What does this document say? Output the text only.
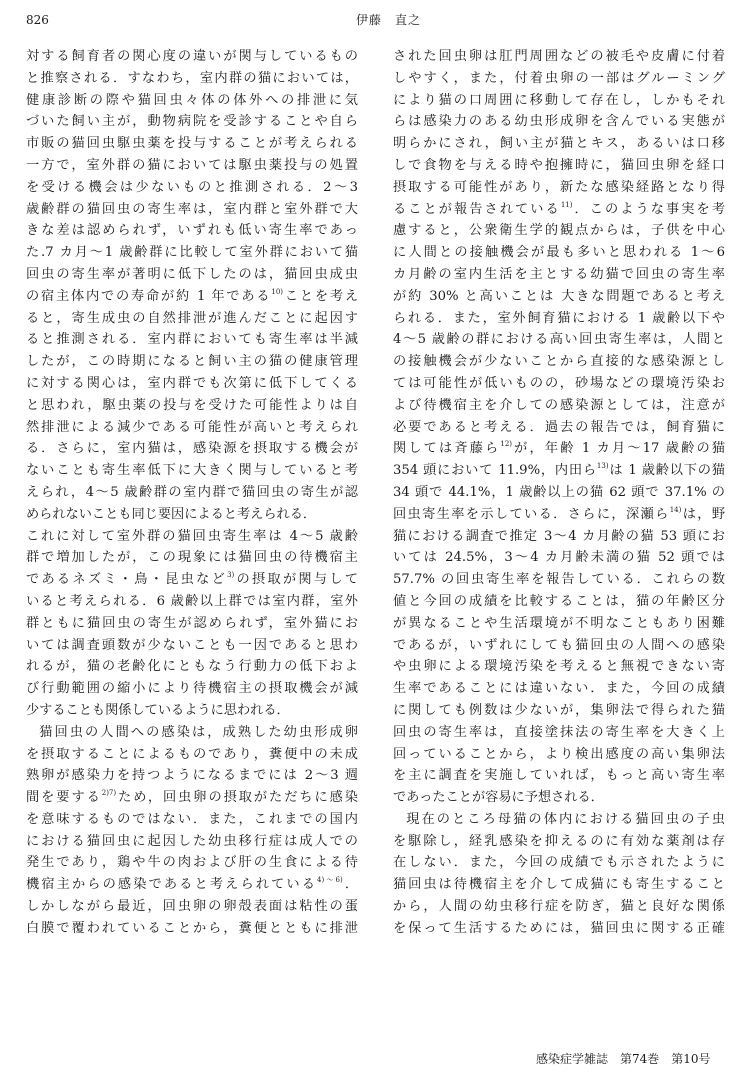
826	伊藤　直之
対する飼育者の関心度の違いが関与しているもの
と推察される．すなわち，室内群の猫においては，
健康診断の際や猫回虫々体の体外への排泄に気
づいた飼い主が，動物病院を受診することや自ら
市販の猫回虫駆虫薬を投与することが考えられる
一方で，室外群の猫においては駆虫薬投与の処置
を受ける機会は少ないものと推測される．2～3
歳齢群の猫回虫の寄生率は，室内群と室外群で大
きな差は認められず，いずれも低い寄生率であっ
た.7 カ月～1 歳齢群に比較して室外群において猫
回虫の寄生率が著明に低下したのは，猫回虫成虫
の宿主体内での寿命が約 1 年である$^{10)}$ことを考え
ると，寄生成虫の自然排泄が進んだことに起因す
ると推測される．室内群においても寄生率は半減
したが，この時期になると飼い主の猫の健康管理
に対する関心は，室内群でも次第に低下してくる
と思われ，駆虫薬の投与を受けた可能性よりは自
然排泄による減少である可能性が高いと考えられ
る．さらに，室内猫は，感染源を摂取する機会が
ないことも寄生率低下に大きく関与していると考
えられ，4～5 歳齢群の室内群で猫回虫の寄生が認
められないことも同じ要因によると考えられる．
これに対して室外群の猫回虫寄生率は 4～5 歳齢
群で増加したが，この現象には猫回虫の待機宿主
であるネズミ・鳥・昆虫など$^{3)}$の摂取が関与して
いると考えられる．6 歳齢以上群では室内群，室外
群ともに猫回虫の寄生が認められず，室外猫にお
いては調査頭数が少ないことも一因であると思わ
れるが，猫の老齢化にともなう行動力の低下およ
び行動範囲の縮小により待機宿主の摂取機会が減
少することも関係しているように思われる．
猫回虫の人間への感染は，成熟した幼虫形成卵
を摂取することによるものであり，糞便中の未成
熟卵が感染力を持つようになるまでには 2～3 週
間を要する$^{2)7)}$ため，回虫卵の摂取がただちに感染
を意味するものではない．また，これまでの国内
における猫回虫に起因した幼虫移行症は成人での
発生であり，鶏や牛の肉および肝の生食による待
機宿主からの感染であると考えられている$^{4)\sim 6)}$．
しかしながら最近，回虫卵の卵殻表面は粘性の蛋
白膜で覆われていることから，糞便とともに排泄
された回虫卵は肛門周囲などの被毛や皮膚に付着
しやすく，また，付着虫卵の一部はグルーミング
により猫の口周囲に移動して存在し，しかもそれ
らは感染力のある幼虫形成卵を含んでいる実態が
明らかにされ，飼い主が猫とキス，あるいは口移
しで食物を与える時や抱擁時に，猫回虫卵を経口
摂取する可能性があり，新たな感染経路となり得
ることが報告されている$^{11)}$．このような事実を考
慮すると，公衆衛生学的観点からは，子供を中心
に人間との接触機会が最も多いと思われる 1～6
カ月齢の室内生活を主とする幼猫で回虫の寄生率
が約 30% と高いことは 大きな問題であると考え
られる．また，室外飼育猫における 1 歳齢以下や
4～5 歳齢の群における高い回虫寄生率は，人間と
の接触機会が少ないことから直接的な感染源とし
ては可能性が低いものの，砂場などの環境汚染お
よび待機宿主を介しての感染源としては，注意が
必要であると考える．過去の報告では，飼育猫に
関しては斉藤ら$^{12)}$が，年齢 1 カ月～17 歳齢の猫
354 頭において 11.9%，内田ら$^{13)}$は 1 歳齢以下の猫
34 頭で 44.1%，1 歳齢以上の猫 62 頭で 37.1% の
回虫寄生率を示している．さらに，深瀬ら$^{14)}$は，野
猫における調査で推定 3～4 カ月齢の猫 53 頭にお
いては 24.5%，3～4 カ月齢未満の猫 52 頭では
57.7% の回虫寄生率を報告している．これらの数
値と今回の成績を比較することは，猫の年齢区分
が異なることや生活環境が不明なこともあり困難
であるが，いずれにしても猫回虫の人間への感染
や虫卵による環境汚染を考えると無視できない寄
生率であることには違いない．また，今回の成績
に関しても例数は少ないが，集卵法で得られた猫
回虫の寄生率は，直接塗抹法の寄生率を大きく上
回っていることから，より検出感度の高い集卵法
を主に調査を実施していれば，もっと高い寄生率
であったことが容易に予想される．
現在のところ母猫の体内における猫回虫の子虫
を駆除し，経乳感染を抑えるのに有効な薬剤は存
在しない．また，今回の成績でも示されたように
猫回虫は待機宿主を介して成猫にも寄生すること
から，人間の幼虫移行症を防ぎ，猫と良好な関係
を保って生活するためには，猫回虫に関する正確
感染症学雑誌　第74巻　第10号
